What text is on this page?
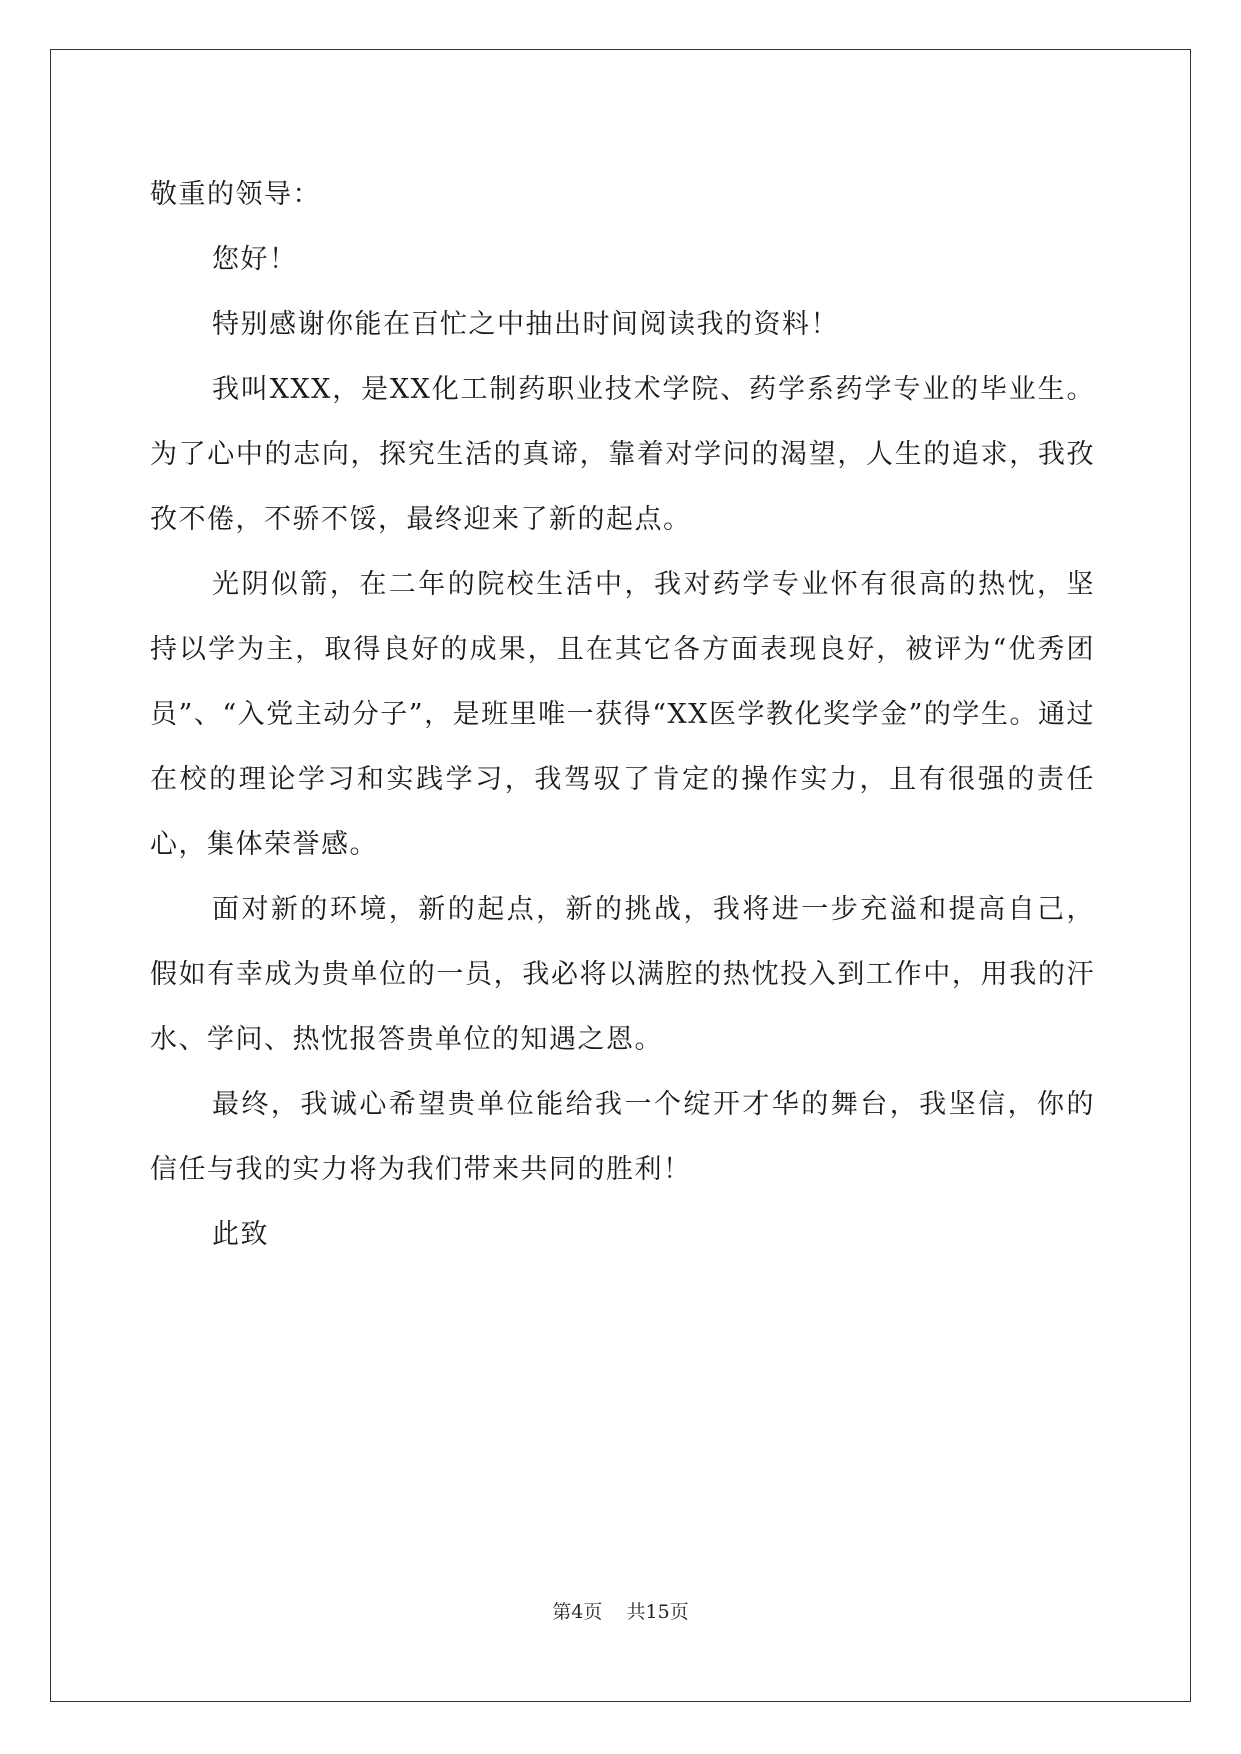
敬重的领导：

您好！

特别感谢你能在百忙之中抽出时间阅读我的资料！

我叫XXX，是XX化工制药职业技术学院、药学系药学专业的毕业生。为了心中的志向，探究生活的真谛，靠着对学问的渴望，人生的追求，我孜孜不倦，不骄不馁，最终迎来了新的起点。

光阴似箭，在二年的院校生活中，我对药学专业怀有很高的热忱，坚持以学为主，取得良好的成果，且在其它各方面表现良好，被评为“优秀团员”、“入党主动分子”，是班里唯一获得“XX医学教化奖学金”的学生。通过在校的理论学习和实践学习，我驾驭了肯定的操作实力，且有很强的责任心，集体荣誉感。

面对新的环境，新的起点，新的挑战，我将进一步充溢和提高自己，假如有幸成为贵单位的一员，我必将以满腔的热忱投入到工作中，用我的汗水、学问、热忱报答贵单位的知遇之恩。

最终，我诚心希望贵单位能给我一个绽开才华的舞台，我坚信，你的信任与我的实力将为我们带来共同的胜利！

此致

第4页    共15页
